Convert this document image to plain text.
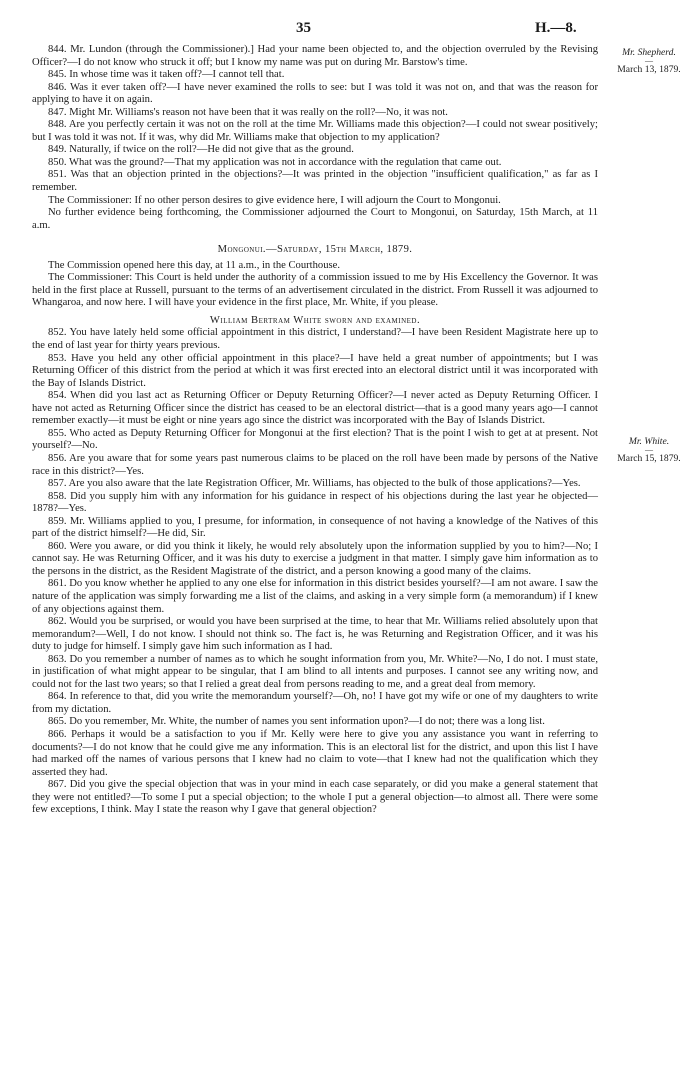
35	H.—8.
Mr. Shepherd.
—
March 13, 1879.
Mr. White.
—
March 15, 1879.

844. Mr. Lundon (through the Commissioner).] Had your name been objected to, and the objection overruled by the Revising Officer?—I do not know who struck it off; but I know my name was put on during Mr. Barstow's time.

845. In whose time was it taken off?—I cannot tell that.

846. Was it ever taken off?—I have never examined the rolls to see: but I was told it was not on, and that was the reason for applying to have it on again.

847. Might Mr. Williams's reason not have been that it was really on the roll?—No, it was not.

848. Are you perfectly certain it was not on the roll at the time Mr. Williams made this objection?—I could not swear positively; but I was told it was not. If it was, why did Mr. Williams make that objection to my application?

849. Naturally, if twice on the roll?—He did not give that as the ground.

850. What was the ground?—That my application was not in accordance with the regulation that came out.

851. Was that an objection printed in the objections?—It was printed in the objection "insufficient qualification," as far as I remember.

The Commissioner: If no other person desires to give evidence here, I will adjourn the Court to Mongonui.

No further evidence being forthcoming, the Commissioner adjourned the Court to Mongonui, on Saturday, 15th March, at 11 a.m.

Mongonui.—Saturday, 15th March, 1879.

The Commission opened here this day, at 11 a.m., in the Courthouse.

The Commissioner: This Court is held under the authority of a commission issued to me by His Excellency the Governor. It was held in the first place at Russell, pursuant to the terms of an advertisement circulated in the district. From Russell it was adjourned to Whangaroa, and now here. I will have your evidence in the first place, Mr. White, if you please.

William Bertram White sworn and examined.

852. You have lately held some official appointment in this district, I understand?—I have been Resident Magistrate here up to the end of last year for thirty years previous.

853. Have you held any other official appointment in this place?—I have held a great number of appointments; but I was Returning Officer of this district from the period at which it was first erected into an electoral district until it was incorporated with the Bay of Islands District.

854. When did you last act as Returning Officer or Deputy Returning Officer?—I never acted as Deputy Returning Officer. I have not acted as Returning Officer since the district has ceased to be an electoral district—that is a good many years ago—I cannot remember exactly—it must be eight or nine years ago since the district was incorporated with the Bay of Islands District.

855. Who acted as Deputy Returning Officer for Mongonui at the first election? That is the point I wish to get at at present. Not yourself?—No.

856. Are you aware that for some years past numerous claims to be placed on the roll have been made by persons of the Native race in this district?—Yes.

857. Are you also aware that the late Registration Officer, Mr. Williams, has objected to the bulk of those applications?—Yes.

858. Did you supply him with any information for his guidance in respect of his objections during the last year he objected—1878?—Yes.

859. Mr. Williams applied to you, I presume, for information, in consequence of not having a knowledge of the Natives of this part of the district himself?—He did, Sir.

860. Were you aware, or did you think it likely, he would rely absolutely upon the information supplied by you to him?—No; I cannot say. He was Returning Officer, and it was his duty to exercise a judgment in that matter. I simply gave him information as to the persons in the district, as the Resident Magistrate of the district, and a person knowing a good many of the claims.

861. Do you know whether he applied to any one else for information in this district besides yourself?—I am not aware. I saw the nature of the application was simply forwarding me a list of the claims, and asking in a very simple form (a memorandum) if I knew of any objections against them.

862. Would you be surprised, or would you have been surprised at the time, to hear that Mr. Williams relied absolutely upon that memorandum?—Well, I do not know. I should not think so. The fact is, he was Returning and Registration Officer, and it was his duty to judge for himself. I simply gave him such information as I had.

863. Do you remember a number of names as to which he sought information from you, Mr. White?—No, I do not. I must state, in justification of what might appear to be singular, that I am blind to all intents and purposes. I cannot see any writing now, and could not for the last two years; so that I relied a great deal from persons reading to me, and a great deal from memory.

864. In reference to that, did you write the memorandum yourself?—Oh, no! I have got my wife or one of my daughters to write from my dictation.

865. Do you remember, Mr. White, the number of names you sent information upon?—I do not; there was a long list.

866. Perhaps it would be a satisfaction to you if Mr. Kelly were here to give you any assistance you want in referring to documents?—I do not know that he could give me any information. This is an electoral list for the district, and upon this list I have had marked off the names of various persons that I knew had no claim to vote—that I knew had not the qualification which they asserted they had.

867. Did you give the special objection that was in your mind in each case separately, or did you make a general statement that they were not entitled?—To some I put a special objection; to the whole I put a general objection—to almost all. There were some few exceptions, I think. May I state the reason why I gave that general objection?
